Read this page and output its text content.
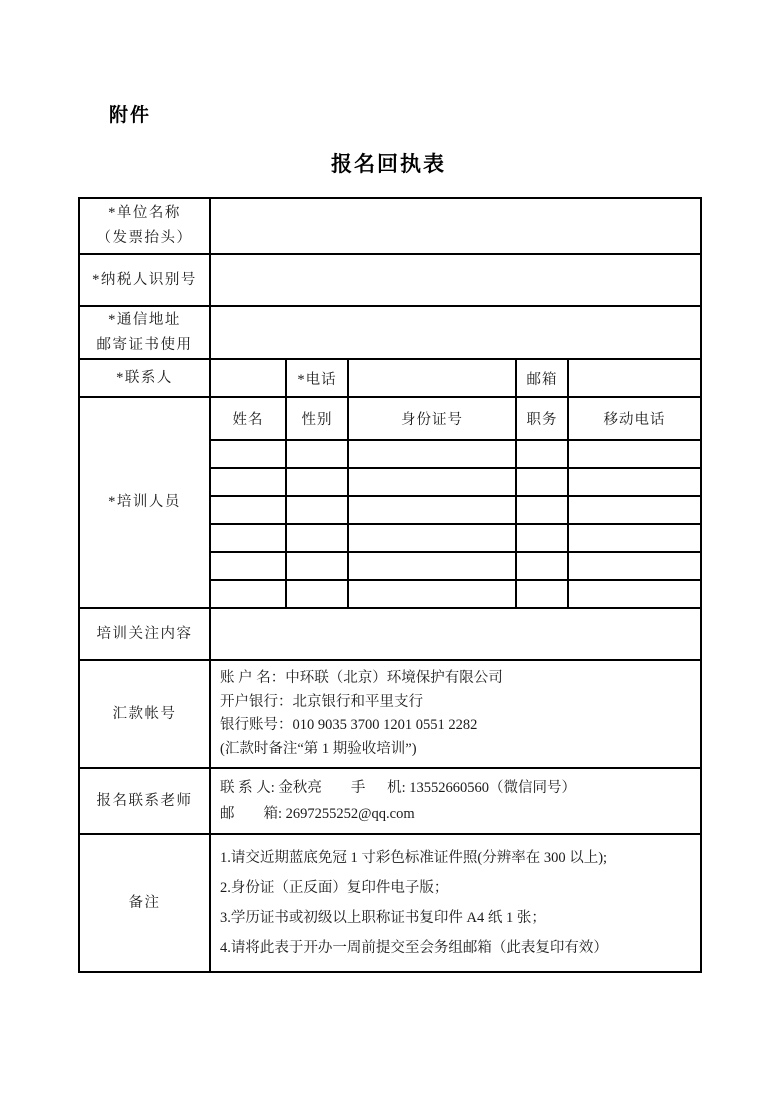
附件
报名回执表
*单位名称
（发票抬头）					

*纳税人识别号					

*通信地址
邮寄证书使用					

*联系人		*电话		邮箱	
*培训人员	姓名	性别	身份证号	职务	移动电话

培训关注内容					
汇款帐号	账 户 名：中环联（北京）环境保护有限公司
开户银行：北京银行和平里支行
银行账号：010 9035 3700 1201 0551 2282
(汇款时备注“第 1 期验收培训”)				

报名联系老师	联 系 人: 金秋亮        手      机: 13552660560（微信同号）
邮        箱: 2697255252@qq.com				

备注	1.请交近期蓝底免冠 1 寸彩色标准证件照(分辨率在 300 以上);
2.身份证（正反面）复印件电子版；
3.学历证书或初级以上职称证书复印件 A4 纸 1 张；
4.请将此表于开办一周前提交至会务组邮箱（此表复印有效）				
